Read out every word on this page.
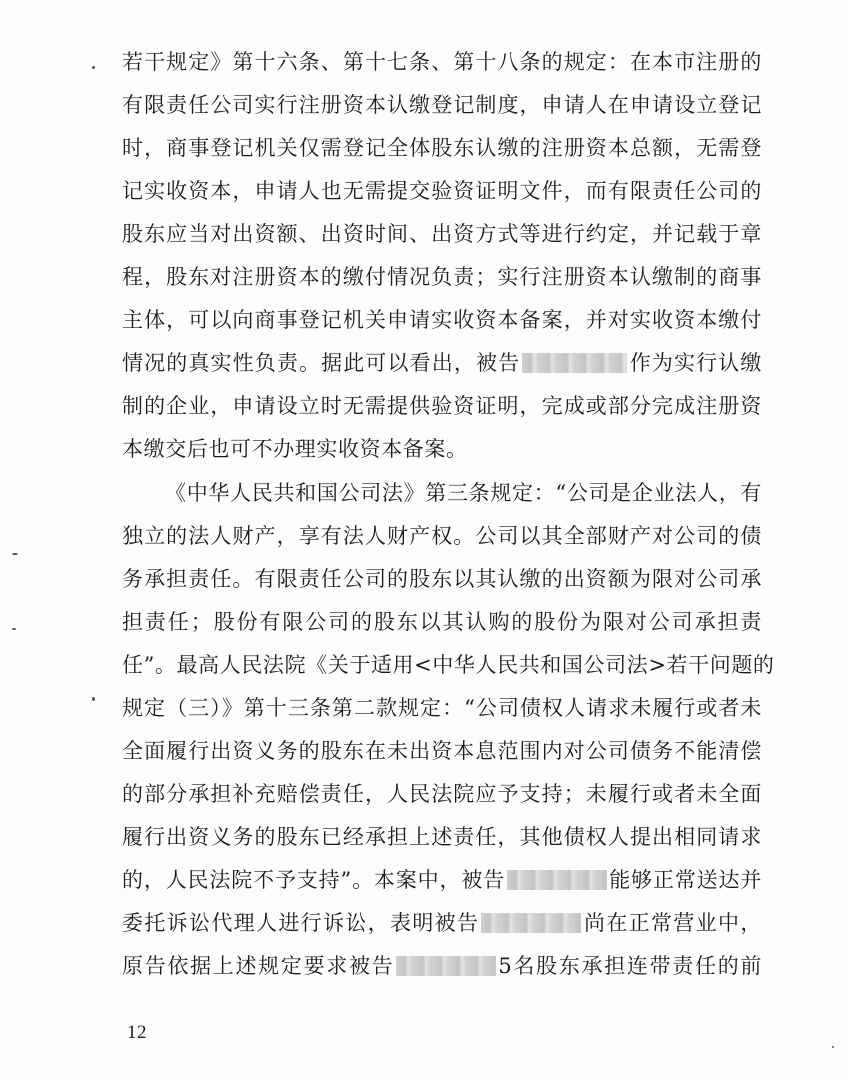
若干规定》第十六条、第十七条、第十八条的规定：在本市注册的
有限责任公司实行注册资本认缴登记制度，申请人在申请设立登记
时，商事登记机关仅需登记全体股东认缴的注册资本总额，无需登
记实收资本，申请人也无需提交验资证明文件，而有限责任公司的
股东应当对出资额、出资时间、出资方式等进行约定，并记载于章
程，股东对注册资本的缴付情况负责；实行注册资本认缴制的商事
主体，可以向商事登记机关申请实收资本备案，并对实收资本缴付
情况的真实性负责。据此可以看出，被告	作为实行认缴
制的企业，申请设立时无需提供验资证明，完成或部分完成注册资
本缴交后也可不办理实收资本备案。
《中华人民共和国公司法》第三条规定：“公司是企业法人，有
独立的法人财产，享有法人财产权。公司以其全部财产对公司的债
务承担责任。有限责任公司的股东以其认缴的出资额为限对公司承
担责任；股份有限公司的股东以其认购的股份为限对公司承担责
任”。最高人民法院《关于适用<中华人民共和国公司法>若干问题的
规定（三）》第十三条第二款规定：“公司债权人请求未履行或者未
全面履行出资义务的股东在未出资本息范围内对公司债务不能清偿
的部分承担补充赔偿责任，人民法院应予支持；未履行或者未全面
履行出资义务的股东已经承担上述责任，其他债权人提出相同请求
的，人民法院不予支持”。本案中，被告	能够正常送达并
委托诉讼代理人进行诉讼，表明被告	尚在正常营业中，
原告依据上述规定要求被告	5名股东承担连带责任的前
12
